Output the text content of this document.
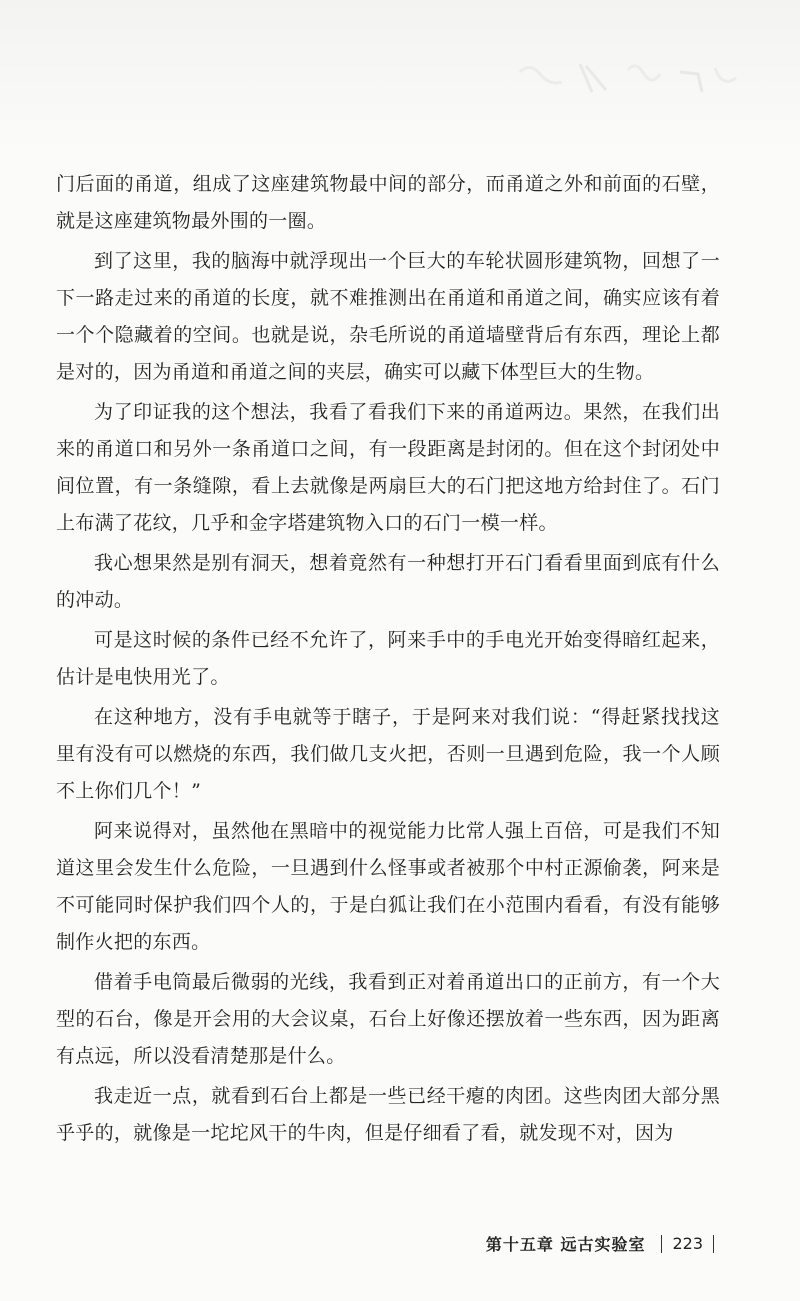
门后面的甬道，组成了这座建筑物最中间的部分，而甬道之外和前面的石壁，就是这座建筑物最外围的一圈。

到了这里，我的脑海中就浮现出一个巨大的车轮状圆形建筑物，回想了一下一路走过来的甬道的长度，就不难推测出在甬道和甬道之间，确实应该有着一个个隐藏着的空间。也就是说，杂毛所说的甬道墙壁背后有东西，理论上都是对的，因为甬道和甬道之间的夹层，确实可以藏下体型巨大的生物。

为了印证我的这个想法，我看了看我们下来的甬道两边。果然，在我们出来的甬道口和另外一条甬道口之间，有一段距离是封闭的。但在这个封闭处中间位置，有一条缝隙，看上去就像是两扇巨大的石门把这地方给封住了。石门上布满了花纹，几乎和金字塔建筑物入口的石门一模一样。

我心想果然是别有洞天，想着竟然有一种想打开石门看看里面到底有什么的冲动。

可是这时候的条件已经不允许了，阿来手中的手电光开始变得暗红起来，估计是电快用光了。

在这种地方，没有手电就等于瞎子，于是阿来对我们说：“得赶紧找找这里有没有可以燃烧的东西，我们做几支火把，否则一旦遇到危险，我一个人顾不上你们几个！”

阿来说得对，虽然他在黑暗中的视觉能力比常人强上百倍，可是我们不知道这里会发生什么危险，一旦遇到什么怪事或者被那个中村正源偷袭，阿来是不可能同时保护我们四个人的，于是白狐让我们在小范围内看看，有没有能够制作火把的东西。

借着手电筒最后微弱的光线，我看到正对着甬道出口的正前方，有一个大型的石台，像是开会用的大会议桌，石台上好像还摆放着一些东西，因为距离有点远，所以没看清楚那是什么。

我走近一点，就看到石台上都是一些已经干瘪的肉团。这些肉团大部分黑乎乎的，就像是一坨坨风干的牛肉，但是仔细看了看，就发现不对，因为

第十五章 远古实验室 223
